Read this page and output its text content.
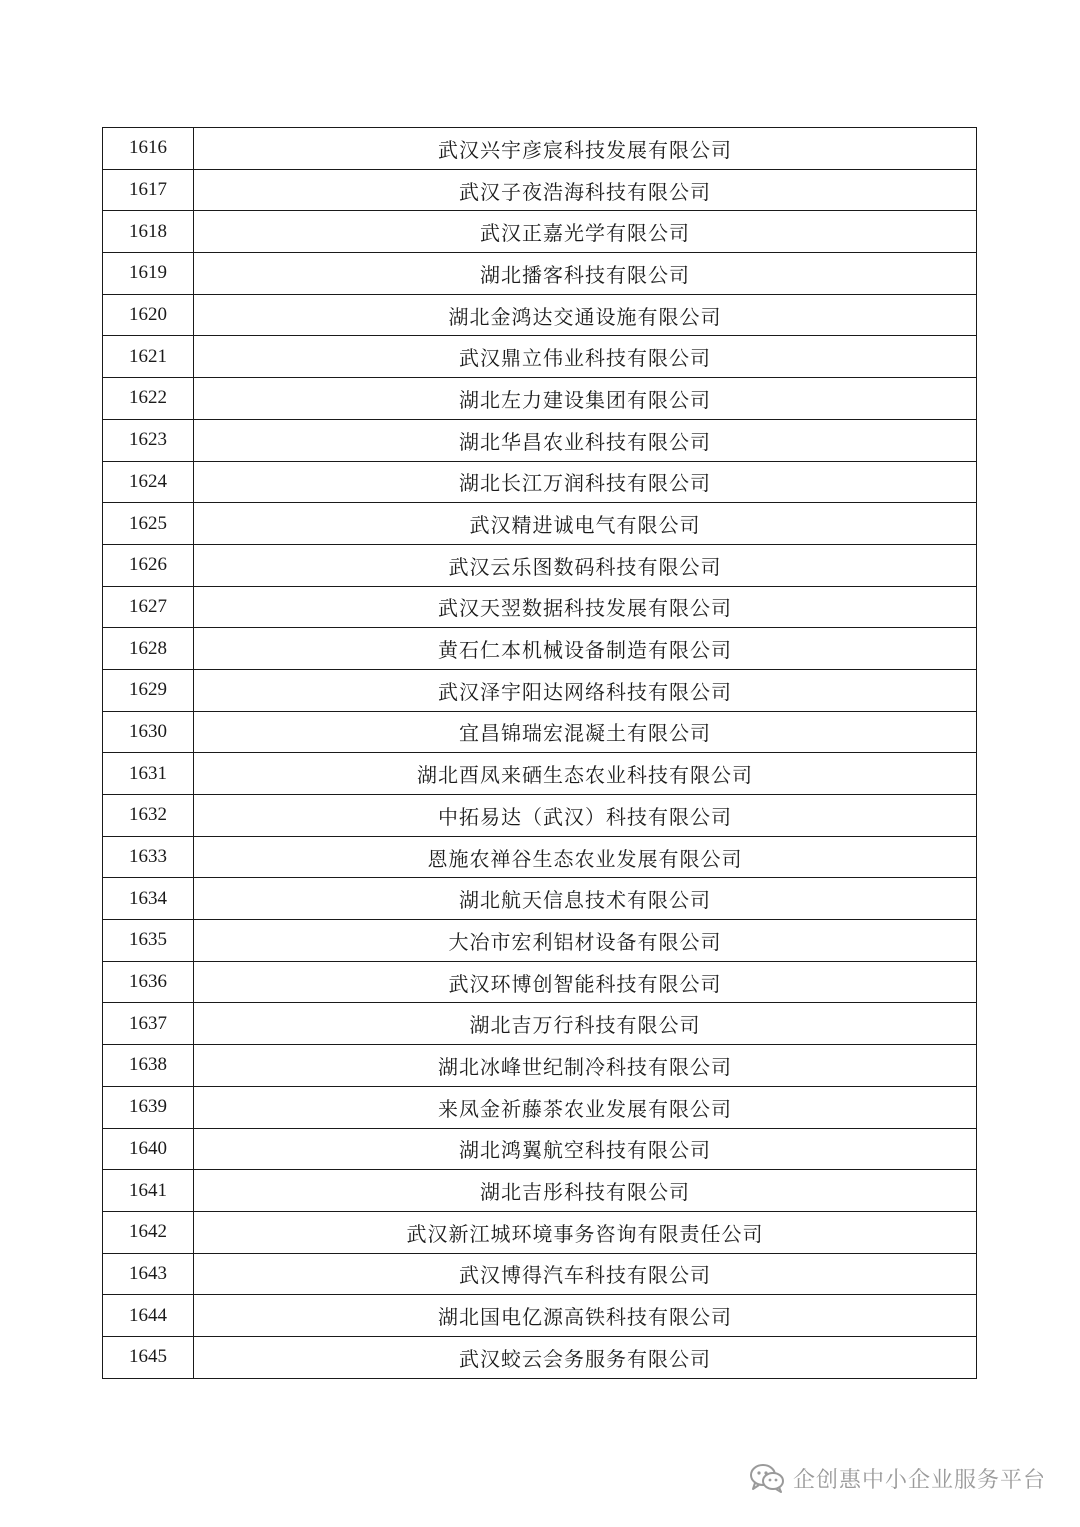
1616	武汉兴宇彦宸科技发展有限公司
1617	武汉子夜浩海科技有限公司
1618	武汉正嘉光学有限公司
1619	湖北播客科技有限公司
1620	湖北金鸿达交通设施有限公司
1621	武汉鼎立伟业科技有限公司
1622	湖北左力建设集团有限公司
1623	湖北华昌农业科技有限公司
1624	湖北长江万润科技有限公司
1625	武汉精进诚电气有限公司
1626	武汉云乐图数码科技有限公司
1627	武汉天翌数据科技发展有限公司
1628	黄石仁本机械设备制造有限公司
1629	武汉泽宇阳达网络科技有限公司
1630	宜昌锦瑞宏混凝土有限公司
1631	湖北酉凤来硒生态农业科技有限公司
1632	中拓易达（武汉）科技有限公司
1633	恩施农禅谷生态农业发展有限公司
1634	湖北航天信息技术有限公司
1635	大冶市宏利铝材设备有限公司
1636	武汉环博创智能科技有限公司
1637	湖北吉万行科技有限公司
1638	湖北冰峰世纪制冷科技有限公司
1639	来凤金祈藤茶农业发展有限公司
1640	湖北鸿翼航空科技有限公司
1641	湖北吉彤科技有限公司
1642	武汉新江城环境事务咨询有限责任公司
1643	武汉博得汽车科技有限公司
1644	湖北国电亿源高铁科技有限公司
1645	武汉蛟云会务服务有限公司
企创惠中小企业服务平台
